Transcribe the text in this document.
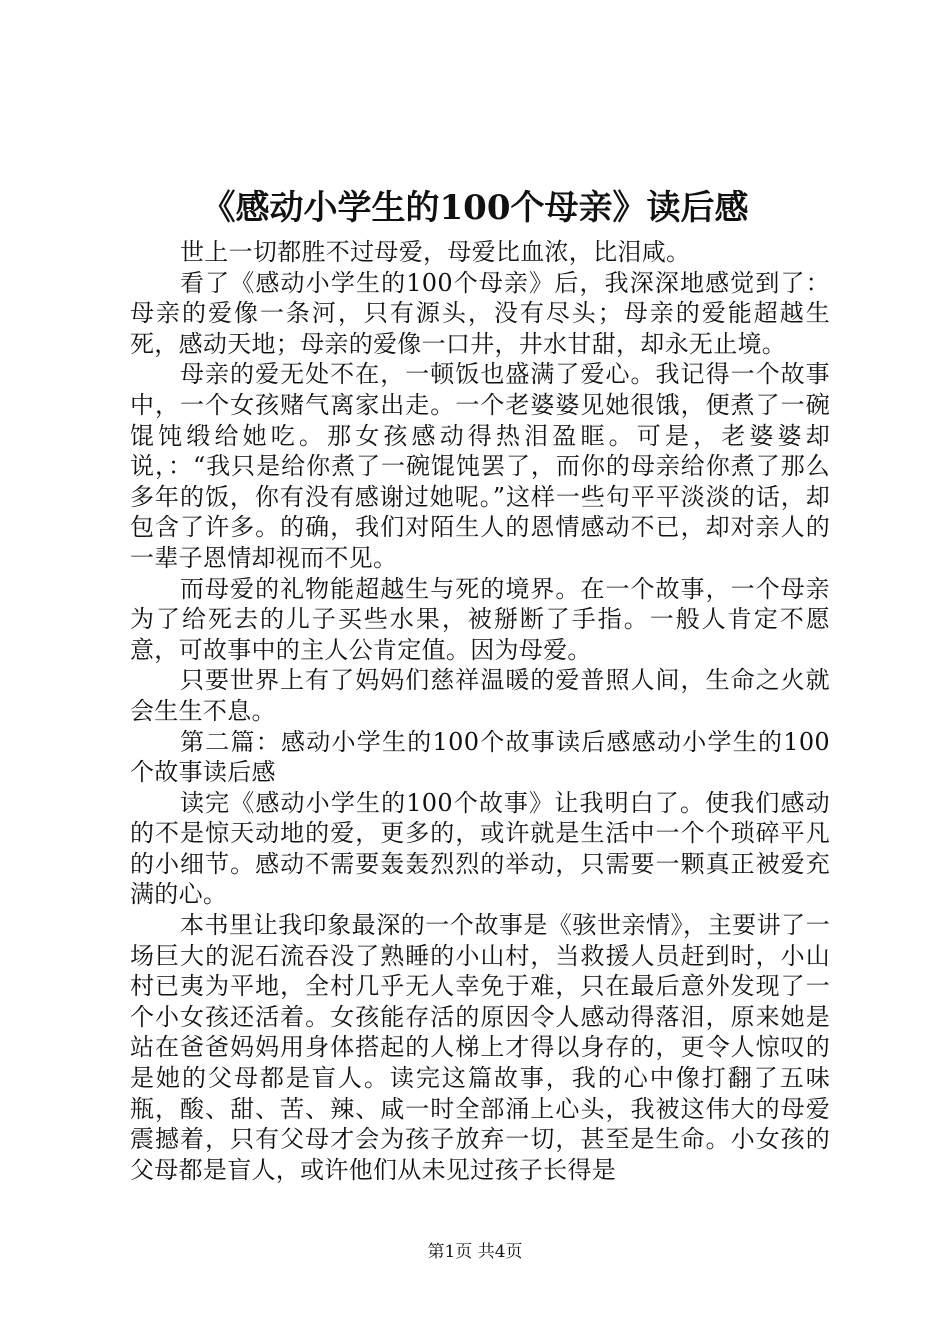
《感动小学生的100个母亲》读后感

世上一切都胜不过母爱，母爱比血浓，比泪咸。

看了《感动小学生的100个母亲》后，我深深地感觉到了：母亲的爱像一条河，只有源头，没有尽头；母亲的爱能超越生死，感动天地；母亲的爱像一口井，井水甘甜，却永无止境。

母亲的爱无处不在，一顿饭也盛满了爱心。我记得一个故事中，一个女孩赌气离家出走。一个老婆婆见她很饿，便煮了一碗馄饨缎给她吃。那女孩感动得热泪盈眶。可是，老婆婆却说，：“我只是给你煮了一碗馄饨罢了，而你的母亲给你煮了那么多年的饭，你有没有感谢过她呢。”这样一些句平平淡淡的话，却包含了许多。的确，我们对陌生人的恩情感动不已，却对亲人的一辈子恩情却视而不见。

而母爱的礼物能超越生与死的境界。在一个故事，一个母亲为了给死去的儿子买些水果，被掰断了手指。一般人肯定不愿意，可故事中的主人公肯定值。因为母爱。

只要世界上有了妈妈们慈祥温暖的爱普照人间，生命之火就会生生不息。

第二篇：感动小学生的100个故事读后感感动小学生的100个故事读后感

读完《感动小学生的100个故事》让我明白了。使我们感动的不是惊天动地的爱，更多的，或许就是生活中一个个琐碎平凡的小细节。感动不需要轰轰烈烈的举动，只需要一颗真正被爱充满的心。

本书里让我印象最深的一个故事是《骇世亲情》，主要讲了一场巨大的泥石流吞没了熟睡的小山村，当救援人员赶到时，小山村已夷为平地，全村几乎无人幸免于难，只在最后意外发现了一个小女孩还活着。女孩能存活的原因令人感动得落泪，原来她是站在爸爸妈妈用身体搭起的人梯上才得以身存的，更令人惊叹的是她的父母都是盲人。读完这篇故事，我的心中像打翻了五味瓶，酸、甜、苦、辣、咸一时全部涌上心头，我被这伟大的母爱震撼着，只有父母才会为孩子放弃一切，甚至是生命。小女孩的父母都是盲人，或许他们从未见过孩子长得是

第1页 共4页
